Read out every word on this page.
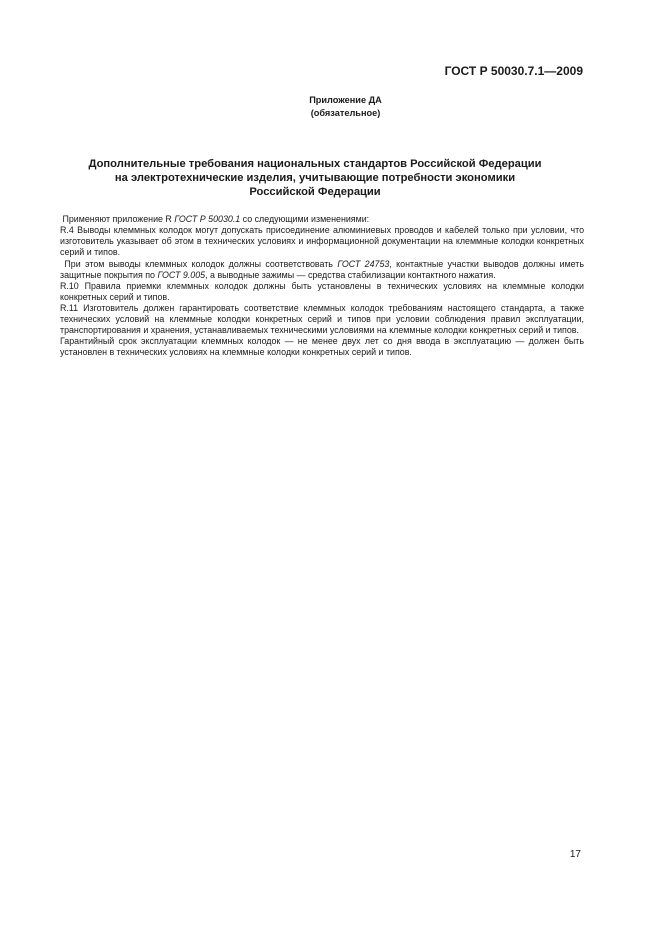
ГОСТ Р 50030.7.1—2009
Приложение ДА
(обязательное)
Дополнительные требования национальных стандартов Российской Федерации
на электротехнические изделия, учитывающие потребности экономики
Российской Федерации

Применяют приложение R ГОСТ Р 50030.1 со следующими изменениями:

R.4 Выводы клеммных колодок могут допускать присоединение алюминиевых проводов и кабелей только при условии, что изготовитель указывает об этом в технических условиях и информационной документации на клеммные колодки конкретных серий и типов.

При этом выводы клеммных колодок должны соответствовать ГОСТ 24753, контактные участки выводов должны иметь защитные покрытия по ГОСТ 9.005, а выводные зажимы — средства стабилизации контактного нажатия.

R.10 Правила приемки клеммных колодок должны быть установлены в технических условиях на клеммные колодки конкретных серий и типов.

R.11 Изготовитель должен гарантировать соответствие клеммных колодок требованиям настоящего стандарта, а также технических условий на клеммные колодки конкретных серий и типов при условии соблюдения правил эксплуатации, транспортирования и хранения, устанавливаемых техническими условиями на клеммные колодки конкретных серий и типов.

Гарантийный срок эксплуатации клеммных колодок — не менее двух лет со дня ввода в эксплуатацию — должен быть установлен в технических условиях на клеммные колодки конкретных серий и типов.

17
